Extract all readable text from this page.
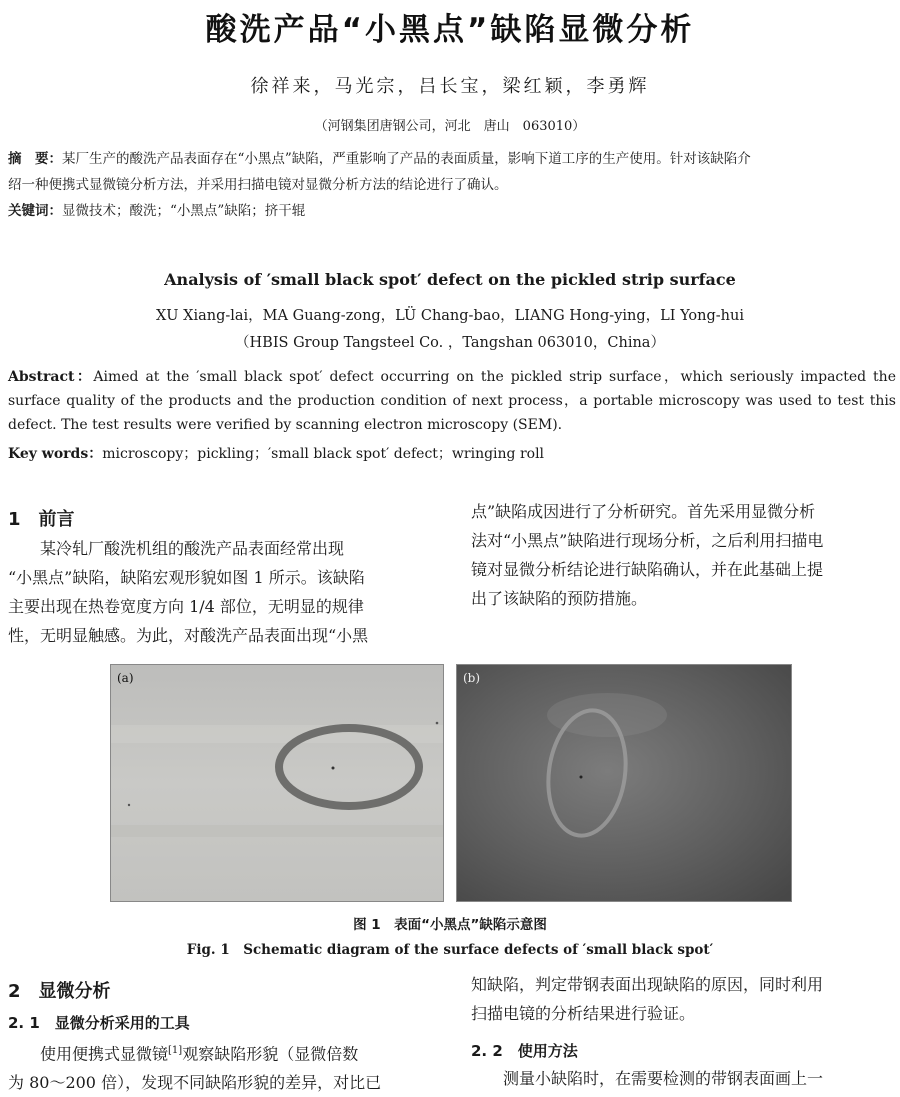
酸洗产品“小黑点”缺陷显微分析
徐祥来，马光宗，吕长宝，梁红颖，李勇辉
（河钢集团唐钢公司，河北　唐山　063010）
摘　要：某厂生产的酸洗产品表面存在“小黑点”缺陷，严重影响了产品的表面质量，影响下道工序的生产使用。针对该缺陷介
绍一种便携式显微镜分析方法，并采用扫描电镜对显微分析方法的结论进行了确认。
关键词：显微技术；酸洗；“小黑点”缺陷；挤干辊
Analysis of ′small black spot′ defect on the pickled strip surface
XU Xiang-lai，MA Guang-zong，LÜ Chang-bao，LIANG Hong-ying，LI Yong-hui
（HBIS Group Tangsteel Co. ，Tangshan 063010，China）
Abstract：Aimed at the ′small black spot′ defect occurring on the pickled strip surface，which seriously impacted the surface quality of the products and the production condition of next process，a portable microscopy was used to test this defect. The test results were verified by scanning electron microscopy (SEM).
Key words：microscopy；pickling；′small black spot′ defect；wringing roll
1　前言
某冷轧厂酸洗机组的酸洗产品表面经常出现
“小黑点”缺陷，缺陷宏观形貌如图 1 所示。该缺陷
主要出现在热卷宽度方向 1/4 部位，无明显的规律
性，无明显触感。为此，对酸洗产品表面出现“小黑
点”缺陷成因进行了分析研究。首先采用显微分析
法对“小黑点”缺陷进行现场分析，之后利用扫描电
镜对显微分析结论进行缺陷确认，并在此基础上提
出了该缺陷的预防措施。
(a)	(b)
图 1　表面“小黑点”缺陷示意图
Fig. 1　Schematic diagram of the surface defects of ′small black spot′
2　显微分析
2. 1　显微分析采用的工具
使用便携式显微镜[1]观察缺陷形貌（显微倍数
为 80～200 倍），发现不同缺陷形貌的差异，对比已
知缺陷，判定带钢表面出现缺陷的原因，同时利用
扫描电镜的分析结果进行验证。
2. 2　使用方法
测量小缺陷时，在需要检测的带钢表面画上一
